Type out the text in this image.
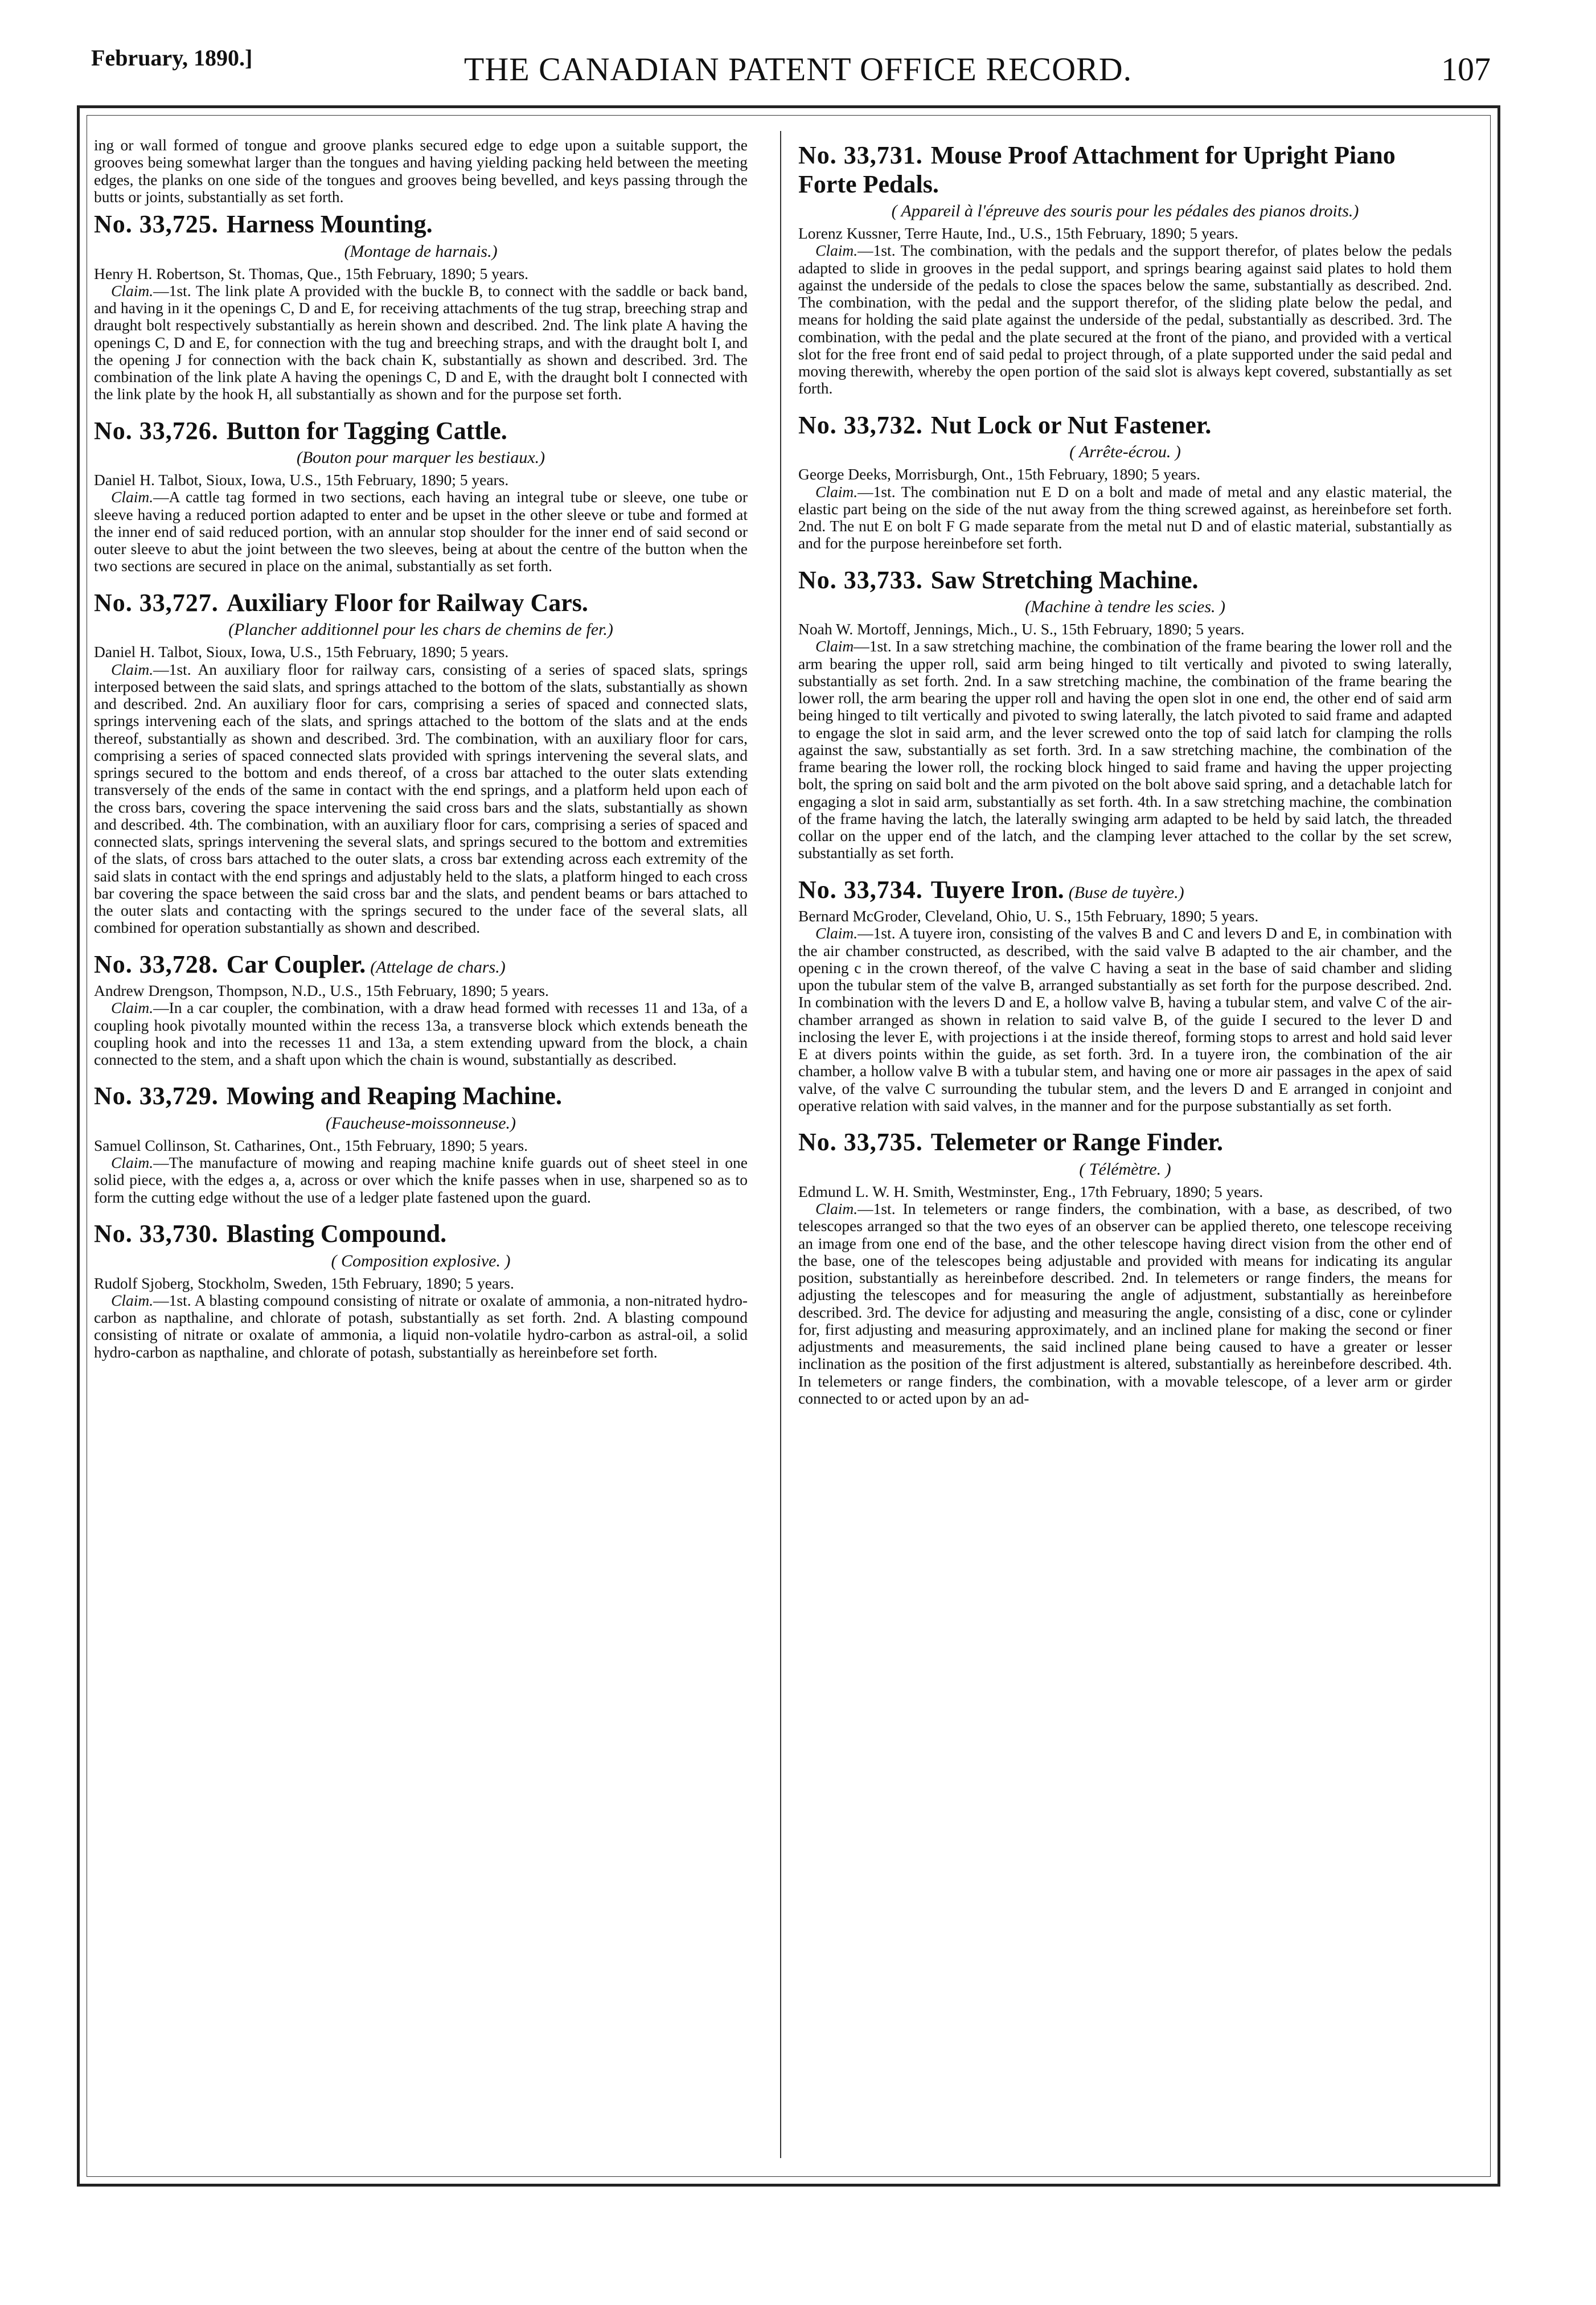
February, 1890.]	THE CANADIAN PATENT OFFICE RECORD.	107

ing or wall formed of tongue and groove planks secured edge to edge upon a suitable support, the grooves being somewhat larger than the tongues and having yielding packing held between the meeting edges, the planks on one side of the tongues and grooves being bevelled, and keys passing through the butts or joints, substantially as set forth.

No. 33,725. Harness Mounting.
(Montage de harnais.)

Henry H. Robertson, St. Thomas, Que., 15th February, 1890; 5 years.

Claim.—1st. The link plate A provided with the buckle B, to connect with the saddle or back band, and having in it the openings C, D and E, for receiving attachments of the tug strap, breeching strap and draught bolt respectively substantially as herein shown and described. 2nd. The link plate A having the openings C, D and E, for connection with the tug and breeching straps, and with the draught bolt I, and the opening J for connection with the back chain K, substantially as shown and described. 3rd. The combination of the link plate A having the openings C, D and E, with the draught bolt I connected with the link plate by the hook H, all substantially as shown and for the purpose set forth.

No. 33,726. Button for Tagging Cattle.
(Bouton pour marquer les bestiaux.)

Daniel H. Talbot, Sioux, Iowa, U.S., 15th February, 1890; 5 years.

Claim.—A cattle tag formed in two sections, each having an integral tube or sleeve, one tube or sleeve having a reduced portion adapted to enter and be upset in the other sleeve or tube and formed at the inner end of said reduced portion, with an annular stop shoulder for the inner end of said second or outer sleeve to abut the joint between the two sleeves, being at about the centre of the button when the two sections are secured in place on the animal, substantially as set forth.

No. 33,727. Auxiliary Floor for Railway Cars.
(Plancher additionnel pour les chars de chemins de fer.)

Daniel H. Talbot, Sioux, Iowa, U.S., 15th February, 1890; 5 years.

Claim.—1st. An auxiliary floor for railway cars, consisting of a series of spaced slats, springs interposed between the said slats, and springs attached to the bottom of the slats, substantially as shown and described. 2nd. An auxiliary floor for cars, comprising a series of spaced and connected slats, springs intervening each of the slats, and springs attached to the bottom of the slats and at the ends thereof, substantially as shown and described. 3rd. The combination, with an auxiliary floor for cars, comprising a series of spaced connected slats provided with springs intervening the several slats, and springs secured to the bottom and ends thereof, of a cross bar attached to the outer slats extending transversely of the ends of the same in contact with the end springs, and a platform held upon each of the cross bars, covering the space intervening the said cross bars and the slats, substantially as shown and described. 4th. The combination, with an auxiliary floor for cars, comprising a series of spaced and connected slats, springs intervening the several slats, and springs secured to the bottom and extremities of the slats, of cross bars attached to the outer slats, a cross bar extending across each extremity of the said slats in contact with the end springs and adjustably held to the slats, a platform hinged to each cross bar covering the space between the said cross bar and the slats, and pendent beams or bars attached to the outer slats and contacting with the springs secured to the under face of the several slats, all combined for operation substantially as shown and described.

No. 33,728. Car Coupler. (Attelage de chars.)

Andrew Drengson, Thompson, N.D., U.S., 15th February, 1890; 5 years.

Claim.—In a car coupler, the combination, with a draw head formed with recesses 11 and 13a, of a coupling hook pivotally mounted within the recess 13a, a transverse block which extends beneath the coupling hook and into the recesses 11 and 13a, a stem extending upward from the block, a chain connected to the stem, and a shaft upon which the chain is wound, substantially as described.

No. 33,729. Mowing and Reaping Machine.
(Faucheuse-moissonneuse.)

Samuel Collinson, St. Catharines, Ont., 15th February, 1890; 5 years.

Claim.—The manufacture of mowing and reaping machine knife guards out of sheet steel in one solid piece, with the edges a, a, across or over which the knife passes when in use, sharpened so as to form the cutting edge without the use of a ledger plate fastened upon the guard.

No. 33,730. Blasting Compound.
( Composition explosive. )

Rudolf Sjoberg, Stockholm, Sweden, 15th February, 1890; 5 years.

Claim.—1st. A blasting compound consisting of nitrate or oxalate of ammonia, a non-nitrated hydro-carbon as napthaline, and chlorate of potash, substantially as set forth. 2nd. A blasting compound consisting of nitrate or oxalate of ammonia, a liquid non-volatile hydro-carbon as astral-oil, a solid hydro-carbon as napthaline, and chlorate of potash, substantially as hereinbefore set forth.

No. 33,731. Mouse Proof Attachment for Upright Piano Forte Pedals.
( Appareil à l'épreuve des souris pour les pédales des pianos droits.)

Lorenz Kussner, Terre Haute, Ind., U.S., 15th February, 1890; 5 years.

Claim.—1st. The combination, with the pedals and the support therefor, of plates below the pedals adapted to slide in grooves in the pedal support, and springs bearing against said plates to hold them against the underside of the pedals to close the spaces below the same, substantially as described. 2nd. The combination, with the pedal and the support therefor, of the sliding plate below the pedal, and means for holding the said plate against the underside of the pedal, substantially as described. 3rd. The combination, with the pedal and the plate secured at the front of the piano, and provided with a vertical slot for the free front end of said pedal to project through, of a plate supported under the said pedal and moving therewith, whereby the open portion of the said slot is always kept covered, substantially as set forth.

No. 33,732. Nut Lock or Nut Fastener.
( Arrête-écrou. )

George Deeks, Morrisburgh, Ont., 15th February, 1890; 5 years.

Claim.—1st. The combination nut E D on a bolt and made of metal and any elastic material, the elastic part being on the side of the nut away from the thing screwed against, as hereinbefore set forth. 2nd. The nut E on bolt F G made separate from the metal nut D and of elastic material, substantially as and for the purpose hereinbefore set forth.

No. 33,733. Saw Stretching Machine.
(Machine à tendre les scies. )

Noah W. Mortoff, Jennings, Mich., U. S., 15th February, 1890; 5 years.

Claim—1st. In a saw stretching machine, the combination of the frame bearing the lower roll and the arm bearing the upper roll, said arm being hinged to tilt vertically and pivoted to swing laterally, substantially as set forth. 2nd. In a saw stretching machine, the combination of the frame bearing the lower roll, the arm bearing the upper roll and having the open slot in one end, the other end of said arm being hinged to tilt vertically and pivoted to swing laterally, the latch pivoted to said frame and adapted to engage the slot in said arm, and the lever screwed onto the top of said latch for clamping the rolls against the saw, substantially as set forth. 3rd. In a saw stretching machine, the combination of the frame bearing the lower roll, the rocking block hinged to said frame and having the upper projecting bolt, the spring on said bolt and the arm pivoted on the bolt above said spring, and a detachable latch for engaging a slot in said arm, substantially as set forth. 4th. In a saw stretching machine, the combination of the frame having the latch, the laterally swinging arm adapted to be held by said latch, the threaded collar on the upper end of the latch, and the clamping lever attached to the collar by the set screw, substantially as set forth.

No. 33,734. Tuyere Iron. (Buse de tuyère.)

Bernard McGroder, Cleveland, Ohio, U. S., 15th February, 1890; 5 years.

Claim.—1st. A tuyere iron, consisting of the valves B and C and levers D and E, in combination with the air chamber constructed, as described, with the said valve B adapted to the air chamber, and the opening c in the crown thereof, of the valve C having a seat in the base of said chamber and sliding upon the tubular stem of the valve B, arranged substantially as set forth for the purpose described. 2nd. In combination with the levers D and E, a hollow valve B, having a tubular stem, and valve C of the air-chamber arranged as shown in relation to said valve B, of the guide I secured to the lever D and inclosing the lever E, with projections i at the inside thereof, forming stops to arrest and hold said lever E at divers points within the guide, as set forth. 3rd. In a tuyere iron, the combination of the air chamber, a hollow valve B with a tubular stem, and having one or more air passages in the apex of said valve, of the valve C surrounding the tubular stem, and the levers D and E arranged in conjoint and operative relation with said valves, in the manner and for the purpose substantially as set forth.

No. 33,735. Telemeter or Range Finder.
( Télémètre. )

Edmund L. W. H. Smith, Westminster, Eng., 17th February, 1890; 5 years.

Claim.—1st. In telemeters or range finders, the combination, with a base, as described, of two telescopes arranged so that the two eyes of an observer can be applied thereto, one telescope receiving an image from one end of the base, and the other telescope having direct vision from the other end of the base, one of the telescopes being adjustable and provided with means for indicating its angular position, substantially as hereinbefore described. 2nd. In telemeters or range finders, the means for adjusting the telescopes and for measuring the angle of adjustment, substantially as hereinbefore described. 3rd. The device for adjusting and measuring the angle, consisting of a disc, cone or cylinder for, first adjusting and measuring approximately, and an inclined plane for making the second or finer adjustments and measurements, the said inclined plane being caused to have a greater or lesser inclination as the position of the first adjustment is altered, substantially as hereinbefore described. 4th. In telemeters or range finders, the combination, with a movable telescope, of a lever arm or girder connected to or acted upon by an ad-
